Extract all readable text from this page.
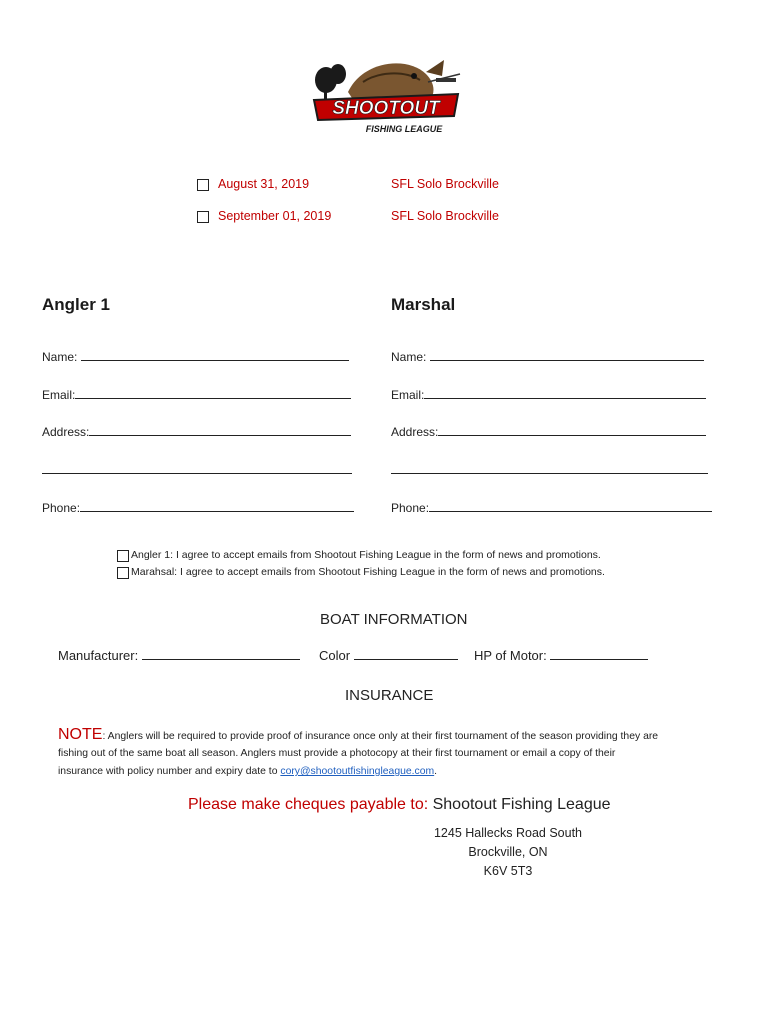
SHOOTOUT
FISHING LEAGUE
August 31, 2019	SFL Solo Brockville
September 01, 2019	SFL Solo Brockville
Angler 1
Name:
Email:
Address:
Phone:
Marshal
Name:
Email:
Address:
Phone:
Angler 1: I agree to accept emails from Shootout Fishing League in the form of news and promotions.
Marahsal: I agree to accept emails from Shootout Fishing League in the form of news and promotions.
BOAT INFORMATION
Manufacturer:	Color	HP of Motor:
INSURANCE
NOTE: Anglers will be required to provide proof of insurance once only at their first tournament of the season providing they are
fishing out of the same boat all season. Anglers must provide a photocopy at their first tournament or email a copy of their
insurance with policy number and expiry date to cory@shootoutfishingleague.com.
Please make cheques payable to: Shootout Fishing League
1245 Hallecks Road South
Brockville, ON
K6V 5T3
